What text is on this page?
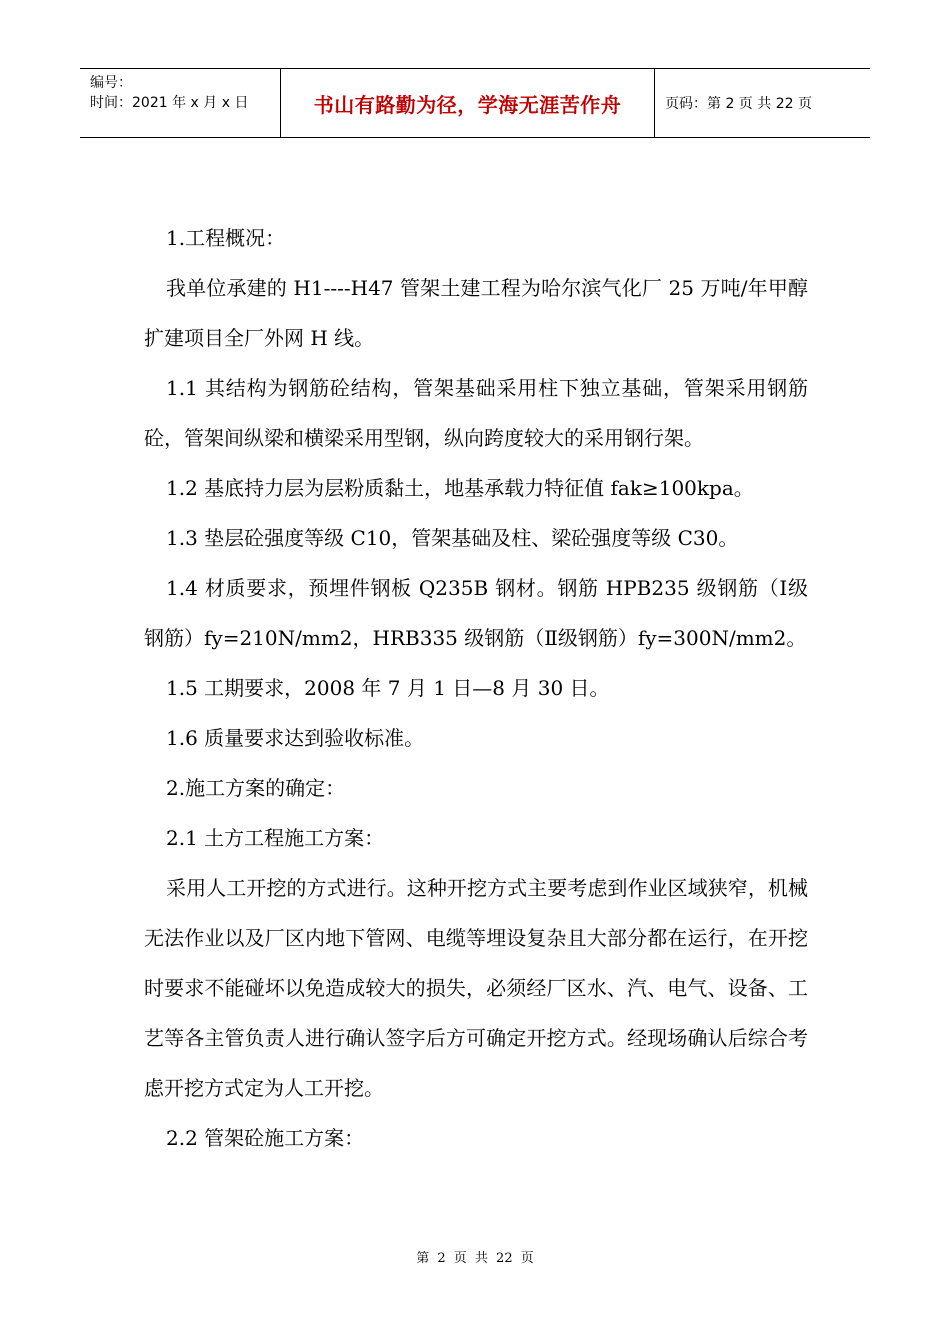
编号：
时间：2021 年 x 月 x 日	书山有路勤为径，学海无涯苦作舟	页码：第 2 页 共 22 页

1.工程概况：

我单位承建的 H1----H47 管架土建工程为哈尔滨气化厂 25 万吨/年甲醇扩建项目全厂外网 H 线。

1.1 其结构为钢筋砼结构，管架基础采用柱下独立基础，管架采用钢筋砼，管架间纵梁和横梁采用型钢，纵向跨度较大的采用钢行架。

1.2 基底持力层为层粉质黏土，地基承载力特征值 fak≥100kpa。

1.3 垫层砼强度等级 C10，管架基础及柱、梁砼强度等级 C30。

1.4 材质要求，预埋件钢板 Q235B 钢材。钢筋 HPB235 级钢筋（Ⅰ级钢筋）fy=210N/mm2，HRB335 级钢筋（Ⅱ级钢筋）fy=300N/mm2。

1.5 工期要求，2008 年 7 月 1 日—8 月 30 日。

1.6 质量要求达到验收标准。

2.施工方案的确定：

2.1 土方工程施工方案：

采用人工开挖的方式进行。这种开挖方式主要考虑到作业区域狭窄，机械无法作业以及厂区内地下管网、电缆等埋设复杂且大部分都在运行，在开挖时要求不能碰坏以免造成较大的损失，必须经厂区水、汽、电气、设备、工艺等各主管负责人进行确认签字后方可确定开挖方式。经现场确认后综合考虑开挖方式定为人工开挖。

2.2 管架砼施工方案：

第 2 页 共 22 页
